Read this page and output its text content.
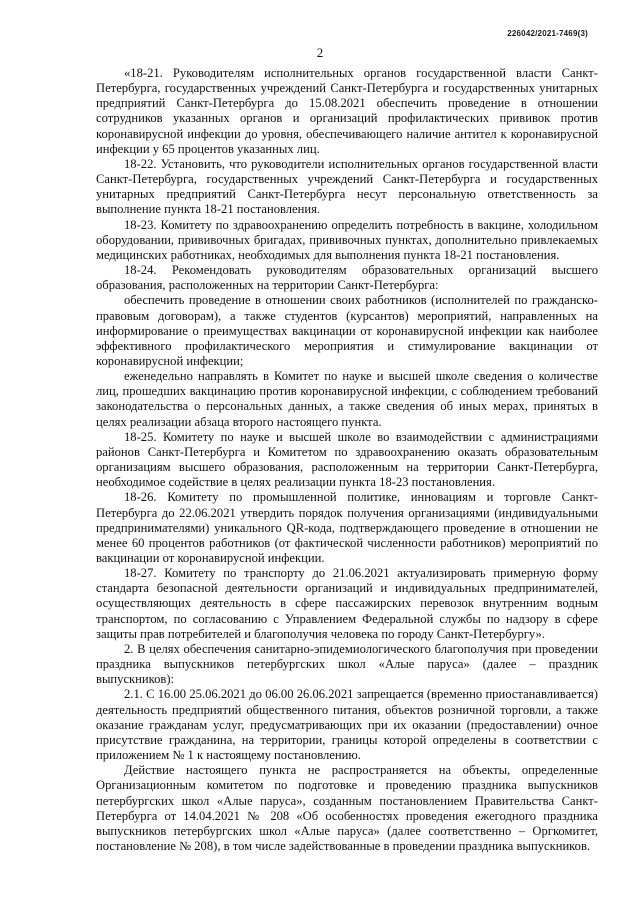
226042/2021-7469(3)
2

«18-21. Руководителям исполнительных органов государственной власти Санкт-Петербурга, государственных учреждений Санкт-Петербурга и государственных унитарных предприятий Санкт-Петербурга до 15.08.2021 обеспечить проведение в отношении сотрудников указанных органов и организаций профилактических прививок против коронавирусной инфекции до уровня, обеспечивающего наличие антител к коронавирусной инфекции у 65 процентов указанных лиц.

18-22. Установить, что руководители исполнительных органов государственной власти Санкт-Петербурга, государственных учреждений Санкт-Петербурга и государственных унитарных предприятий Санкт-Петербурга несут персональную ответственность за выполнение пункта 18-21 постановления.

18-23. Комитету по здравоохранению определить потребность в вакцине, холодильном оборудовании, прививочных бригадах, прививочных пунктах, дополнительно привлекаемых медицинских работниках, необходимых для выполнения пункта 18-21 постановления.

18-24. Рекомендовать руководителям образовательных организаций высшего образования, расположенных на территории Санкт-Петербурга:

обеспечить проведение в отношении своих работников (исполнителей по гражданско-правовым договорам), а также студентов (курсантов) мероприятий, направленных на информирование о преимуществах вакцинации от коронавирусной инфекции как наиболее эффективного профилактического мероприятия и стимулирование вакцинации от коронавирусной инфекции;

еженедельно направлять в Комитет по науке и высшей школе сведения о количестве лиц, прошедших вакцинацию против коронавирусной инфекции, с соблюдением требований законодательства о персональных данных, а также сведения об иных мерах, принятых в целях реализации абзаца второго настоящего пункта.

18-25. Комитету по науке и высшей школе во взаимодействии с администрациями районов Санкт-Петербурга и Комитетом по здравоохранению оказать образовательным организациям высшего образования, расположенным на территории Санкт-Петербурга, необходимое содействие в целях реализации пункта 18-23 постановления.

18-26. Комитету по промышленной политике, инновациям и торговле Санкт-Петербурга до 22.06.2021 утвердить порядок получения организациями (индивидуальными предпринимателями) уникального QR-кода, подтверждающего проведение в отношении не менее 60 процентов работников (от фактической численности работников) мероприятий по вакцинации от коронавирусной инфекции.

18-27. Комитету по транспорту до 21.06.2021 актуализировать примерную форму стандарта безопасной деятельности организаций и индивидуальных предпринимателей, осуществляющих деятельность в сфере пассажирских перевозок внутренним водным транспортом, по согласованию с Управлением Федеральной службы по надзору в сфере защиты прав потребителей и благополучия человека по городу Санкт-Петербургу».

2. В целях обеспечения санитарно-эпидемиологического благополучия при проведении праздника выпускников петербургских школ «Алые паруса» (далее – праздник выпускников):

2.1. С 16.00 25.06.2021 до 06.00 26.06.2021 запрещается (временно приостанавливается) деятельность предприятий общественного питания, объектов розничной торговли, а также оказание гражданам услуг, предусматривающих при их оказании (предоставлении) очное присутствие гражданина, на территории, границы которой определены в соответствии с приложением № 1 к настоящему постановлению.

Действие настоящего пункта не распространяется на объекты, определенные Организационным комитетом по подготовке и проведению праздника выпускников петербургских школ «Алые паруса», созданным постановлением Правительства Санкт-Петербурга от 14.04.2021 № 208 «Об особенностях проведения ежегодного праздника выпускников петербургских школ «Алые паруса» (далее соответственно – Оргкомитет, постановление № 208), в том числе задействованные в проведении праздника выпускников.
